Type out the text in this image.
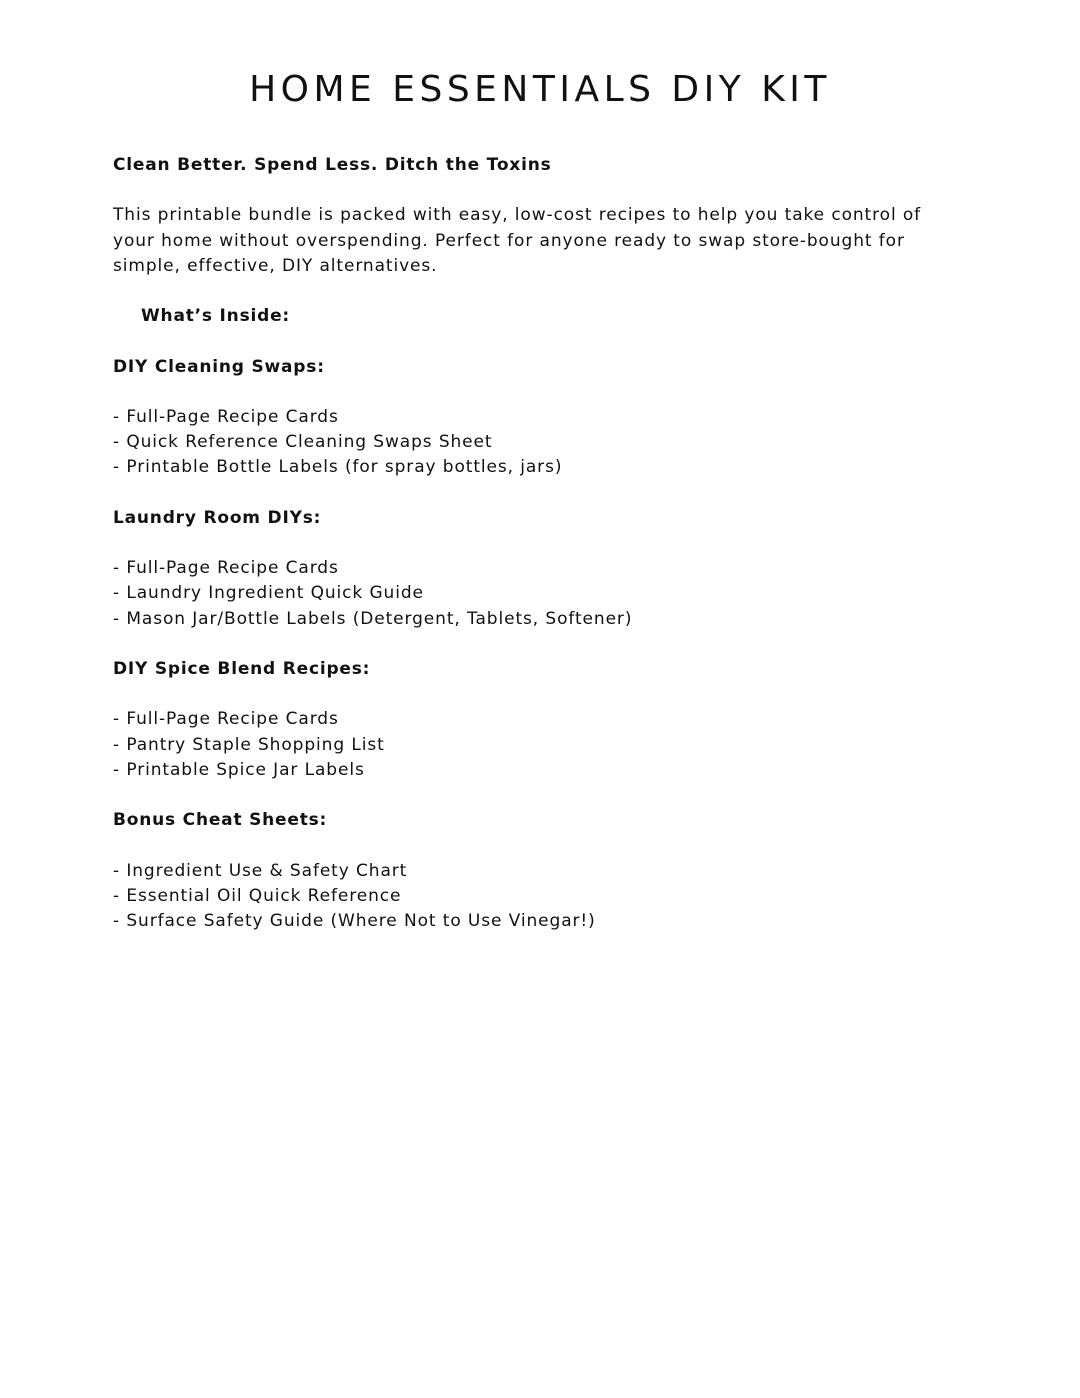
HOME ESSENTIALS DIY KIT
Clean Better. Spend Less. Ditch the Toxins
This printable bundle is packed with easy, low-cost recipes to help you take control of
your home without overspending. Perfect for anyone ready to swap store-bought for
simple, effective, DIY alternatives.
What’s Inside:
DIY Cleaning Swaps:
- Full-Page Recipe Cards
- Quick Reference Cleaning Swaps Sheet
- Printable Bottle Labels (for spray bottles, jars)
Laundry Room DIYs:
- Full-Page Recipe Cards
- Laundry Ingredient Quick Guide
- Mason Jar/Bottle Labels (Detergent, Tablets, Softener)
DIY Spice Blend Recipes:
- Full-Page Recipe Cards
- Pantry Staple Shopping List
- Printable Spice Jar Labels
Bonus Cheat Sheets:
- Ingredient Use & Safety Chart
- Essential Oil Quick Reference
- Surface Safety Guide (Where Not to Use Vinegar!)
